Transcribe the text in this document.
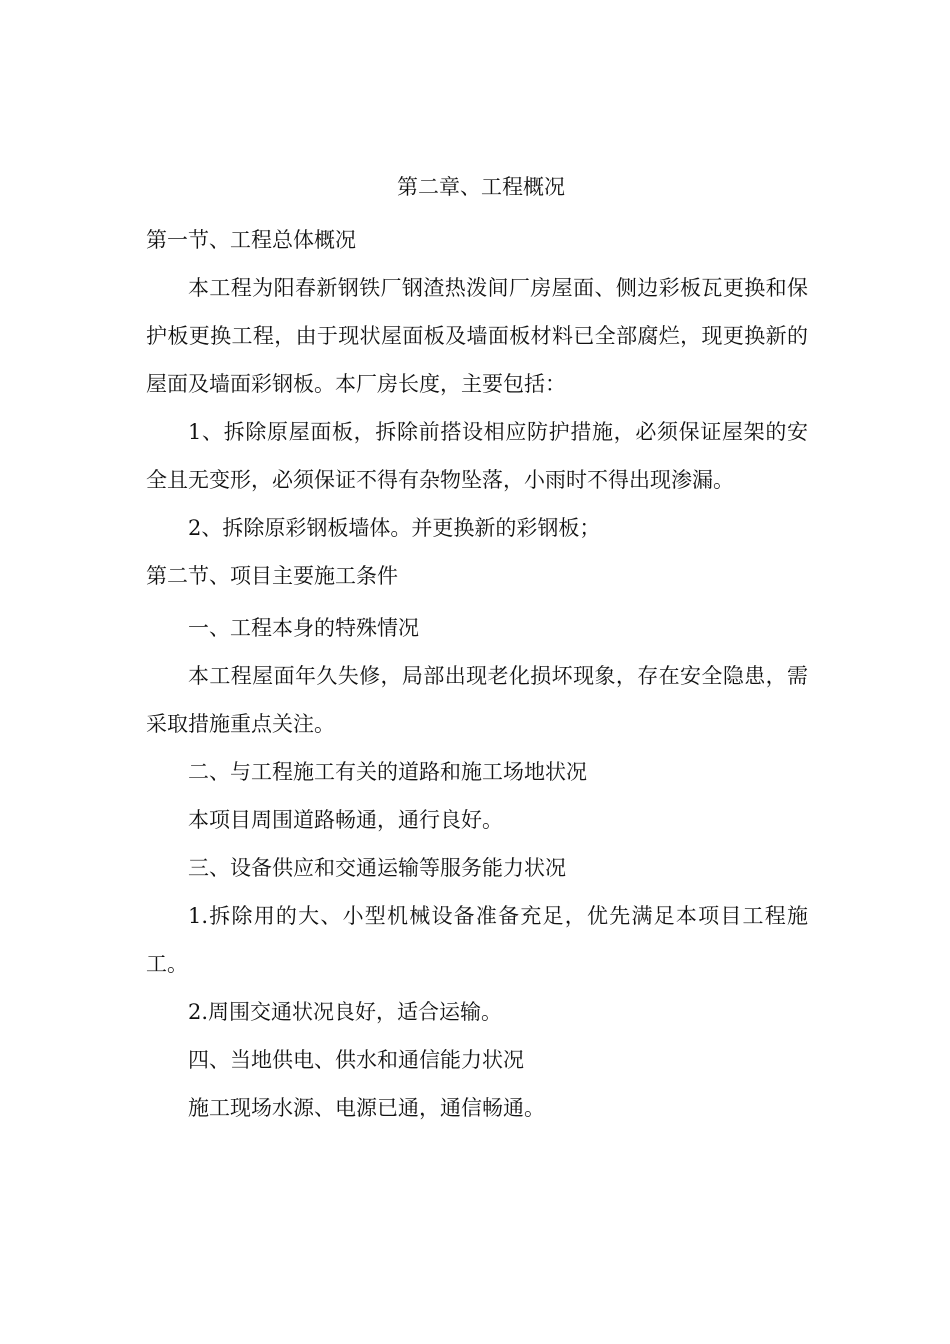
第二章、工程概况
第一节、工程总体概况

本工程为阳春新钢铁厂钢渣热泼间厂房屋面、侧边彩板瓦更换和保护板更换工程，由于现状屋面板及墙面板材料已全部腐烂，现更换新的屋面及墙面彩钢板。本厂房长度，主要包括：

1、拆除原屋面板，拆除前搭设相应防护措施，必须保证屋架的安全且无变形，必须保证不得有杂物坠落，小雨时不得出现渗漏。

2、拆除原彩钢板墙体。并更换新的彩钢板；

第二节、项目主要施工条件

一、工程本身的特殊情况

本工程屋面年久失修，局部出现老化损坏现象，存在安全隐患，需采取措施重点关注。

二、与工程施工有关的道路和施工场地状况

本项目周围道路畅通，通行良好。

三、设备供应和交通运输等服务能力状况

1.拆除用的大、小型机械设备准备充足，优先满足本项目工程施工。

2.周围交通状况良好，适合运输。

四、当地供电、供水和通信能力状况

施工现场水源、电源已通，通信畅通。
